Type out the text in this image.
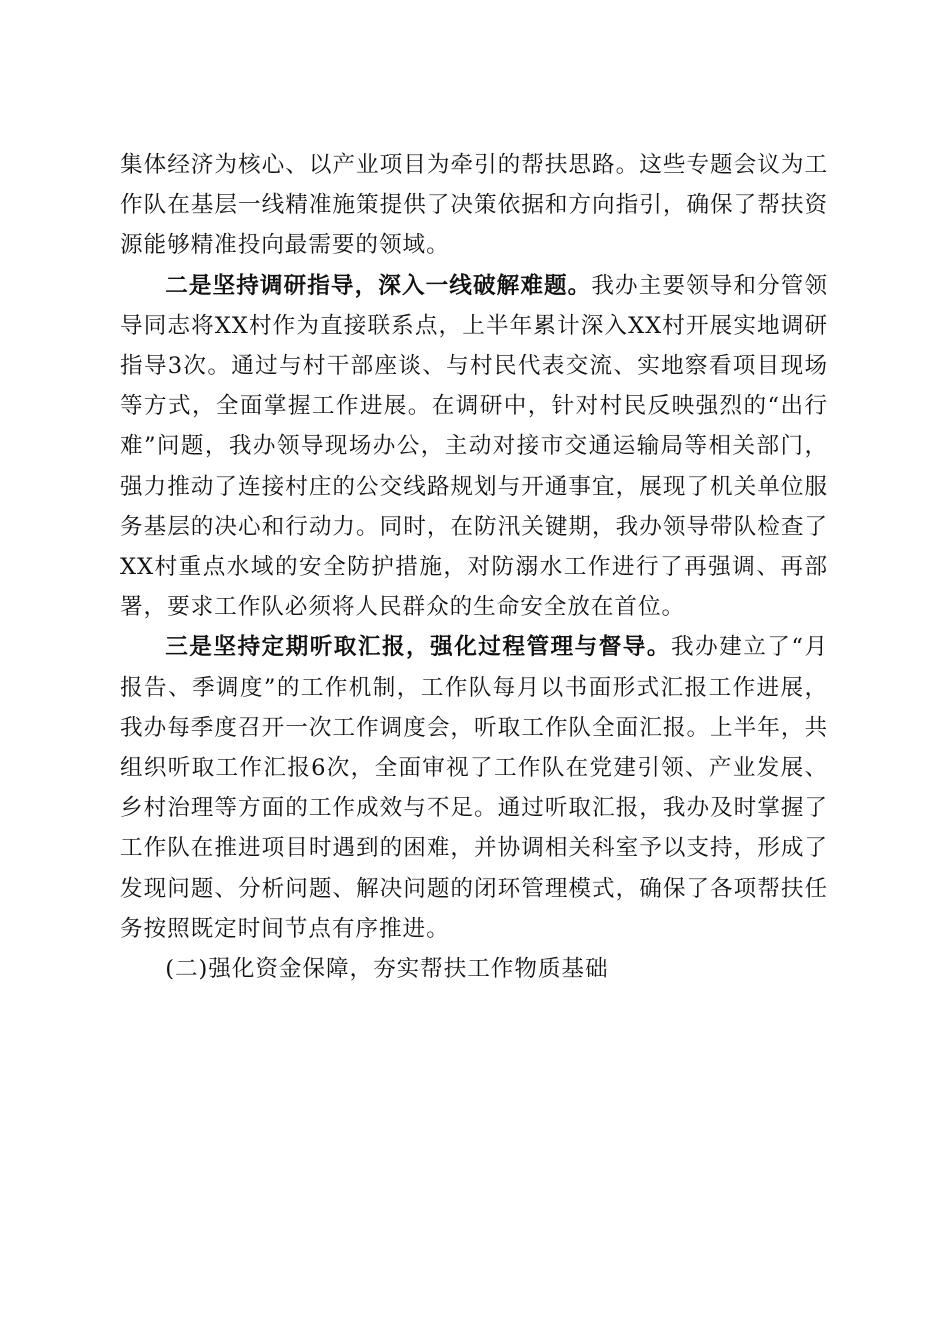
集体经济为核心、以产业项目为牵引的帮扶思路。这些专题会议为工作队在基层一线精准施策提供了决策依据和方向指引，确保了帮扶资源能够精准投向最需要的领域。

二是坚持调研指导，深入一线破解难题。我办主要领导和分管领导同志将XX村作为直接联系点，上半年累计深入XX村开展实地调研指导3次。通过与村干部座谈、与村民代表交流、实地察看项目现场等方式，全面掌握工作进展。在调研中，针对村民反映强烈的“出行难”问题，我办领导现场办公，主动对接市交通运输局等相关部门，强力推动了连接村庄的公交线路规划与开通事宜，展现了机关单位服务基层的决心和行动力。同时，在防汛关键期，我办领导带队检查了XX村重点水域的安全防护措施，对防溺水工作进行了再强调、再部署，要求工作队必须将人民群众的生命安全放在首位。

三是坚持定期听取汇报，强化过程管理与督导。我办建立了“月报告、季调度”的工作机制，工作队每月以书面形式汇报工作进展，我办每季度召开一次工作调度会，听取工作队全面汇报。上半年，共组织听取工作汇报6次，全面审视了工作队在党建引领、产业发展、乡村治理等方面的工作成效与不足。通过听取汇报，我办及时掌握了工作队在推进项目时遇到的困难，并协调相关科室予以支持，形成了发现问题、分析问题、解决问题的闭环管理模式，确保了各项帮扶任务按照既定时间节点有序推进。

(二)强化资金保障，夯实帮扶工作物质基础
